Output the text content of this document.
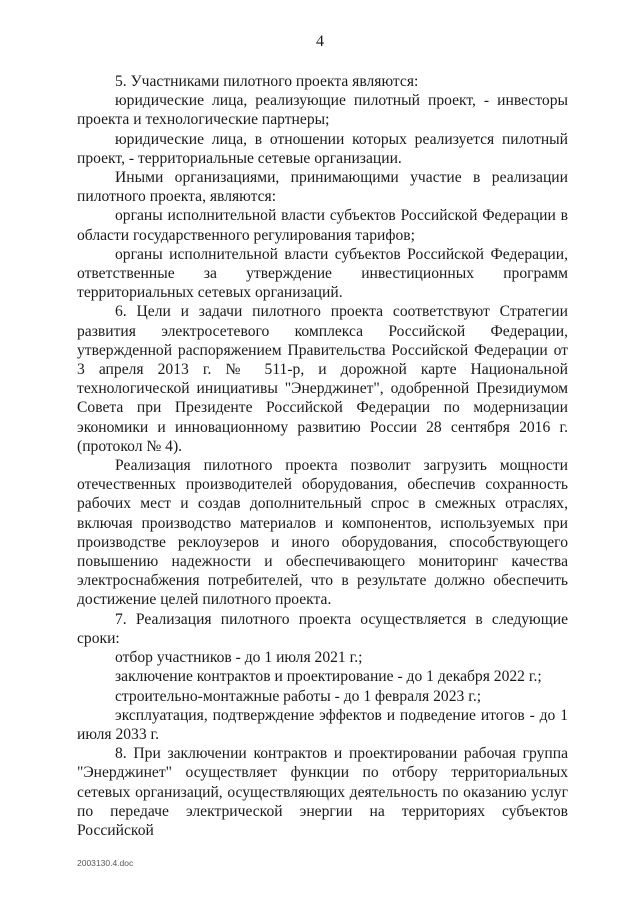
4

5. Участниками пилотного проекта являются:

юридические лица, реализующие пилотный проект, - инвесторы проекта и технологические партнеры;

юридические лица, в отношении которых реализуется пилотный проект, - территориальные сетевые организации.

Иными организациями, принимающими участие в реализации пилотного проекта, являются:

органы исполнительной власти субъектов Российской Федерации в области государственного регулирования тарифов;

органы исполнительной власти субъектов Российской Федерации, ответственные за утверждение инвестиционных программ территориальных сетевых организаций.

6. Цели и задачи пилотного проекта соответствуют Стратегии развития электросетевого комплекса Российской Федерации, утвержденной распоряжением Правительства Российской Федерации от 3 апреля 2013 г. № 511-р, и дорожной карте Национальной технологической инициативы "Энерджинет", одобренной Президиумом Совета при Президенте Российской Федерации по модернизации экономики и инновационному развитию России 28 сентября 2016 г. (протокол № 4).

Реализация пилотного проекта позволит загрузить мощности отечественных производителей оборудования, обеспечив сохранность рабочих мест и создав дополнительный спрос в смежных отраслях, включая производство материалов и компонентов, используемых при производстве реклоузеров и иного оборудования, способствующего повышению надежности и обеспечивающего мониторинг качества электроснабжения потребителей, что в результате должно обеспечить достижение целей пилотного проекта.

7. Реализация пилотного проекта осуществляется в следующие сроки:

отбор участников - до 1 июля 2021 г.;

заключение контрактов и проектирование - до 1 декабря 2022 г.;

строительно-монтажные работы - до 1 февраля 2023 г.;

эксплуатация, подтверждение эффектов и подведение итогов - до 1 июля 2033 г.

8. При заключении контрактов и проектировании рабочая группа "Энерджинет" осуществляет функции по отбору территориальных сетевых организаций, осуществляющих деятельность по оказанию услуг по передаче электрической энергии на территориях субъектов Российской

2003130.4.doc
